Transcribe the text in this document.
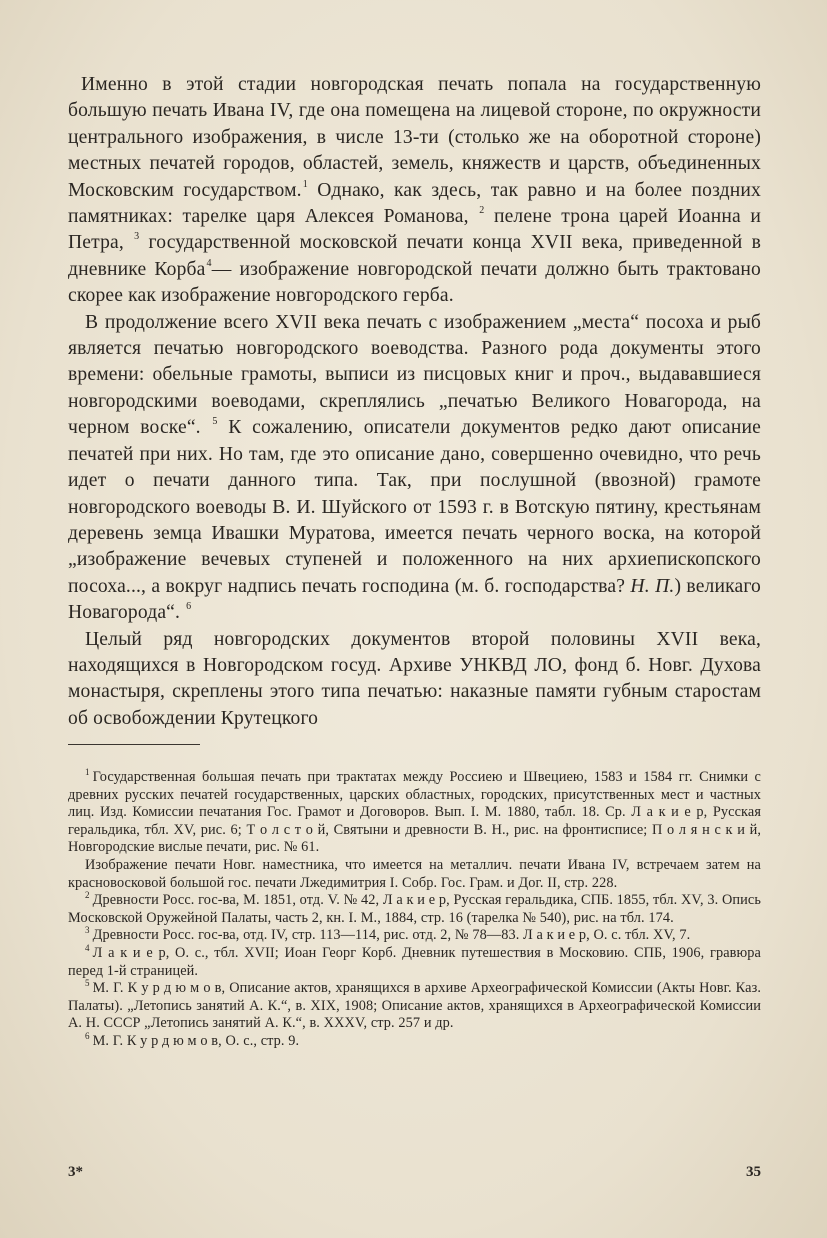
Именно в этой стадии новгородская печать попала на государственную большую печать Ивана IV, где она помещена на лицевой стороне, по окружности центрального изображения, в числе 13-ти (столько же на оборотной стороне) местных печатей городов, областей, земель, княжеств и царств, объединенных Московским государством.$^1$ Однако, как здесь, так равно и на более поздних памятниках: тарелке царя Алексея Романова, $^2$ пелене трона царей Иоанна и Петра, $^3$ государственной московской печати конца XVII века, приведенной в дневнике Корба$^4$— изображение новгородской печати должно быть трактовано скорее как изображение новгородского герба.

В продолжение всего XVII века печать с изображением „места“ посоха и рыб является печатью новгородского воеводства. Разного рода документы этого времени: обельные грамоты, выписи из писцовых книг и проч., выдававшиеся новгородскими воеводами, скреплялись „печатью Великого Новагорода, на черном воске“. $^5$ К сожалению, описатели документов редко дают описание печатей при них. Но там, где это описание дано, совершенно очевидно, что речь идет о печати данного типа. Так, при послушной (ввозной) грамоте новгородского воеводы В. И. Шуйского от 1593 г. в Вотскую пятину, крестьянам деревень земца Ивашки Муратова, имеется печать черного воска, на которой „изображение вечевых ступеней и положенного на них архиепископского посоха..., а вокруг надпись печать господина (м. б. господарства? Н. П.) великаго Новагорода“. $^6$

Целый ряд новгородских документов второй половины XVII века, находящихся в Новгородском госуд. Архиве УНКВД ЛО, фонд б. Новг. Духова монастыря, скреплены этого типа печатью: наказные памяти губным старостам об освобождении Крутецкого

$^1$ Государственная большая печать при трактатах между Россиею и Швециею, 1583 и 1584 гг. Снимки с древних русских печатей государственных, царских областных, городских, присутственных мест и частных лиц. Изд. Комиссии печатания Гос. Грамот и Договоров. Вып. I. М. 1880, табл. 18. Ср. Л а к и е р, Русская геральдика, тбл. XV, рис. 6; Т о л с т о й, Святыни и древности В. Н., рис. на фронтисписе; П о л я н с к и й, Новгородские вислые печати, рис. № 61.

Изображение печати Новг. наместника, что имеется на металлич. печати Ивана IV, встречаем затем на красновосковой большой гос. печати Лжедимитрия I. Собр. Гос. Грам. и Дог. II, стр. 228.

$^2$ Древности Росс. гос-ва, М. 1851, отд. V. № 42, Л а к и е р, Русская геральдика, СПБ. 1855, тбл. XV, 3. Опись Московской Оружейной Палаты, часть 2, кн. I. М., 1884, стр. 16 (тарелка № 540), рис. на тбл. 174.

$^3$ Древности Росс. гос-ва, отд. IV, стр. 113—114, рис. отд. 2, № 78—83. Л а к и е р, О. с. тбл. XV, 7.

$^4$ Л а к и е р, О. с., тбл. XVII; Иоан Георг Корб. Дневник путешествия в Московию. СПБ, 1906, гравюра перед 1-й страницей.

$^5$ М. Г. К у р д ю м о в, Описание актов, хранящихся в архиве Археографической Комиссии (Акты Новг. Каз. Палаты). „Летопись занятий А. К.“, в. XIX, 1908; Описание актов, хранящихся в Археографической Комиссии А. Н. СССР „Летопись занятий А. К.“, в. XXXV, стр. 257 и др.

$^6$ М. Г. К у р д ю м о в, О. с., стр. 9.

3*	35
